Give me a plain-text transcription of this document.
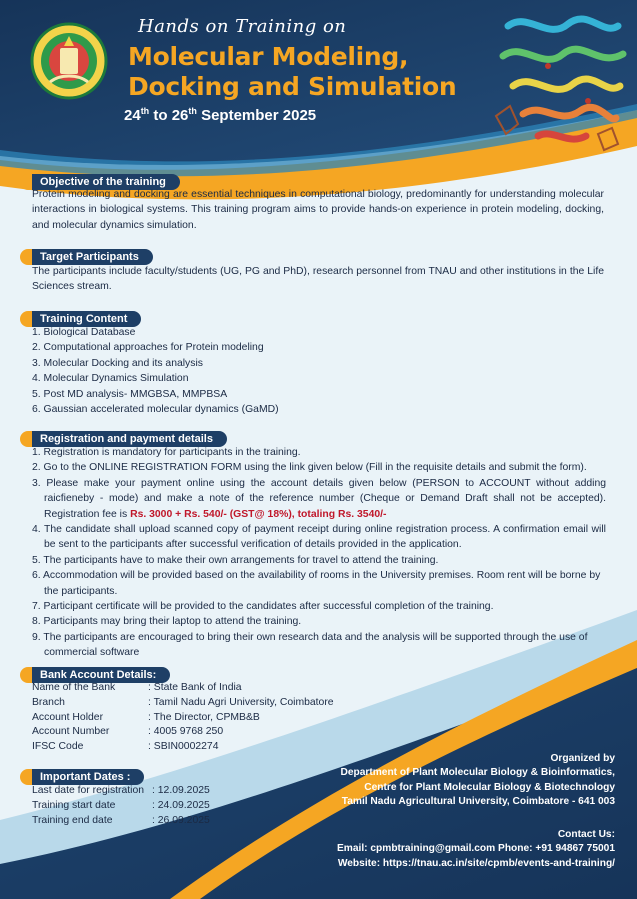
Hands on Training on
Molecular Modeling,
Docking and Simulation
24th to 26th September 2025
Objective of the training
Protein modeling and docking are essential techniques in computational biology, predominantly for understanding molecular interactions in biological systems. This training program aims to provide hands-on experience in protein modeling, docking, and molecular dynamics simulation.
Target Participants
The participants include faculty/students (UG, PG and PhD), research personnel from TNAU and other institutions in the Life Sciences stream.
Training Content
1. Biological Database
2. Computational approaches for Protein modeling
3. Molecular Docking and its analysis
4. Molecular Dynamics Simulation
5. Post MD analysis- MMGBSA, MMPBSA
6. Gaussian accelerated molecular dynamics (GaMD)
Registration and payment details
1. Registration is mandatory for participants in the training.
2. Go to the ONLINE REGISTRATION FORM using the link given below (Fill in the requisite details and submit the form).
3. Please make your payment online using the account details given below (PERSON to ACCOUNT without adding raicfieneby - mode) and make a note of the reference number (Cheque or Demand Draft shall not be accepted). Registration fee is Rs. 3000 + Rs. 540/- (GST@ 18%), totaling Rs. 3540/-
4. The candidate shall upload scanned copy of payment receipt during online registration process. A confirmation email will be sent to the participants after successful verification of details provided in the application.
5. The participants have to make their own arrangements for travel to attend the training.
6. Accommodation will be provided based on the availability of rooms in the University premises. Room rent will be borne by the participants.
7. Participant certificate will be provided to the candidates after successful completion of the training.
8. Participants may bring their laptop to attend the training.
9. The participants are encouraged to bring their own research data and the analysis will be supported through the use of commercial software
Bank Account Details:
Name of the Bank	: State Bank of India
Branch	: Tamil Nadu Agri University, Coimbatore
Account Holder	: The Director, CPMB&B
Account Number	: 4005 9768 250
IFSC Code	: SBIN0002274
Important Dates :
Last date for registration : 12.09.2025
Training start date	: 24.09.2025
Training end date	: 26.09.2025
Organized by
Department of Plant Molecular Biology & Bioinformatics,
Centre for Plant Molecular Biology & Biotechnology
Tamil Nadu Agricultural University, Coimbatore - 641 003
Contact Us:
Email: cpmbtraining@gmail.com Phone: +91 94867 75001
Website: https://tnau.ac.in/site/cpmb/events-and-training/
